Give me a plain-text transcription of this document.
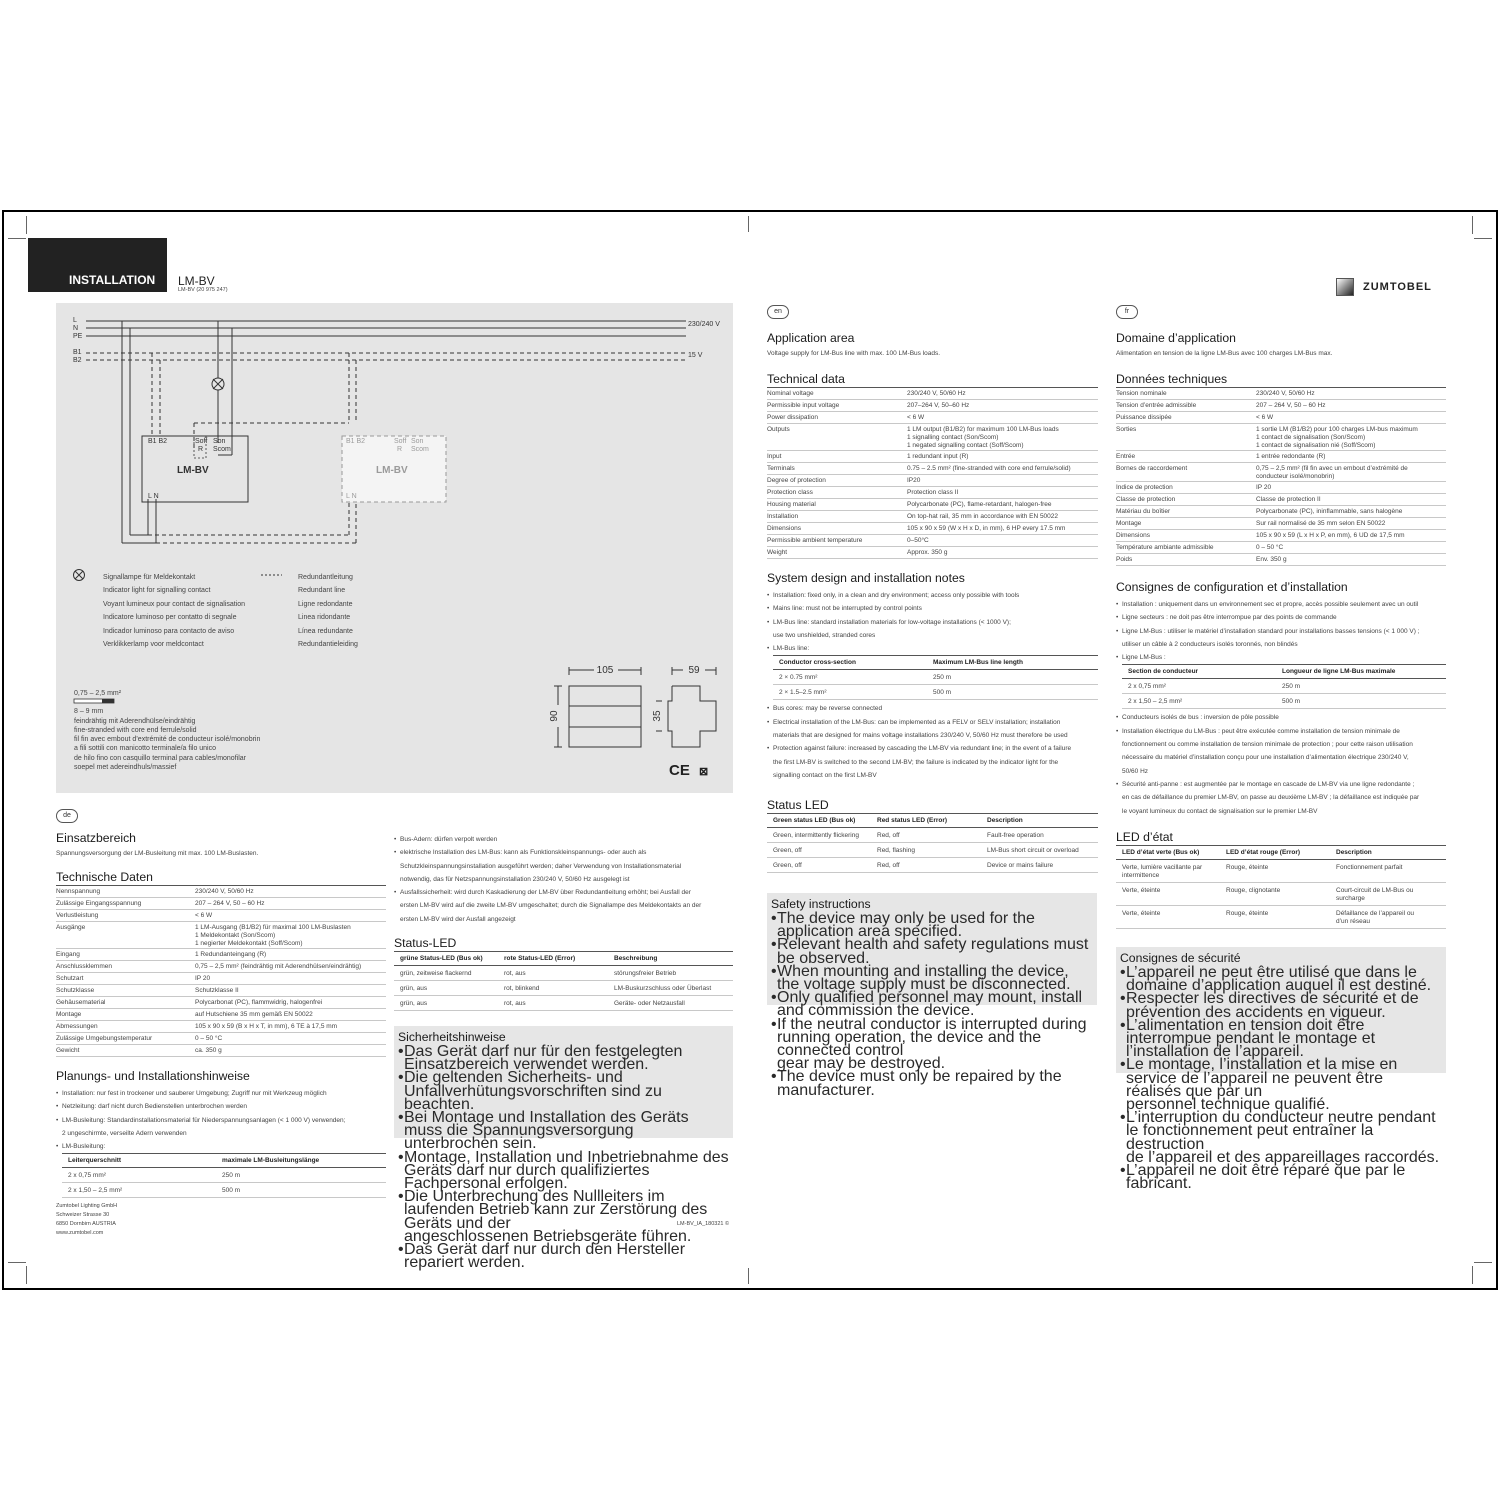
INSTALLATION	LM-BV
LM-BV (20 975 247)	ZUMTOBEL
105	59
90	35
B1 B2	Soff
R
Son
Scom
LM-BV
L N
B1 B2	Soff
R
Son
Scom
LM-BV
L N
L
N
PE
B1
B2
230/240 V
15 V
Signallampe für Meldekontakt
Indicator light for signalling contact
Voyant lumineux pour contact de signalisation
Indicatore luminoso per contatto di segnale
Indicador luminoso para contacto de aviso
Verklikkerlamp voor meldcontact
Redundantleitung
Redundant line
Ligne redondante
Linea ridondante
Línea redundante
Redundantieleiding
0,75 – 2,5 mm²
8 – 9 mm
feindrähtig mit Aderendhülse/eindrähtig
fine-stranded with core end ferrule/solid
fil fin avec embout d’extrémité de conducteur isolé/monobrin
a fili sottili con manicotto terminale/a filo unico
de hilo fino con casquillo terminal para cables/monofilar
soepel met adereindhuls/massief	CE ⊠
en	fr
de
Application area
Voltage supply for LM-Bus line with max. 100 LM-Bus loads.
Technical data
Nominal voltage	230/240 V, 50/60 Hz
Permissible input voltage	207–264 V, 50–60 Hz
Power dissipation	< 6 W
Outputs	1 LM output (B1/B2) for maximum 100 LM-Bus loads
1 signalling contact (Son/Scom)
1 negated signalling contact (Soff/Scom)
Input	1 redundant input (R)
Terminals	0.75 – 2.5 mm² (fine-stranded with core end ferrule/solid)
Degree of protection	IP20
Protection class	Protection class II
Housing material	Polycarbonate (PC), flame-retardant, halogen-free
Installation	On top-hat rail, 35 mm in accordance with EN 50022
Dimensions	105 x 90 x 59 (W x H x D, in mm), 6 HP every 17.5 mm
Permissible ambient temperature	0–50°C
Weight	Approx. 350 g
System design and installation notes
• Installation: fixed only, in a clean and dry environment; access only possible with tools
• Mains line: must not be interrupted by control points
• LM-Bus line: standard installation materials for low-voltage installations (< 1000 V);
use two unshielded, stranded cores
• LM-Bus line:
Conductor cross-section	Maximum LM-Bus line length
2 × 0.75 mm²	250 m
2 × 1.5–2.5 mm²	500 m
• Bus cores: may be reverse connected
• Electrical installation of the LM-Bus: can be implemented as a FELV or SELV installation; installation
materials that are designed for mains voltage installations 230/240 V, 50/60 Hz must therefore be used
• Protection against failure: increased by cascading the LM-BV via redundant line; in the event of a failure
the first LM-BV is switched to the second LM-BV; the failure is indicated by the indicator light for the
signalling contact on the first LM-BV
Status LED
Green status LED (Bus ok)	Red status LED (Error)	Description
Green, intermittently flickering	Red, off	Fault-free operation
Green, off	Red, flashing	LM-Bus short circuit or overload
Green, off	Red, off	Device or mains failure
Safety instructions
• The device may only be used for the application area specified.
• Relevant health and safety regulations must be observed.
• When mounting and installing the device, the voltage supply must be disconnected.
• Only qualified personnel may mount, install and commission the device.
• If the neutral conductor is interrupted during running operation, the device and the connected control
gear may be destroyed.
• The device must only be repaired by the manufacturer.
Domaine d’application
Alimentation en tension de la ligne LM-Bus avec 100 charges LM-Bus max.
Données techniques
Tension nominale	230/240 V, 50/60 Hz
Tension d’entrée admissible	207 – 264 V, 50 – 60 Hz
Puissance dissipée	< 6 W
Sorties	1 sortie LM (B1/B2) pour 100 charges LM-bus maximum
1 contact de signalisation (Son/Scom)
1 contact de signalisation nié (Soff/Scom)
Entrée	1 entrée redondante (R)
Bornes de raccordement	0,75 – 2,5 mm² (fil fin avec un embout d’extrémité de
conducteur isolé/monobrin)
Indice de protection	IP 20
Classe de protection	Classe de protection II
Matériau du boîtier	Polycarbonate (PC), ininflammable, sans halogène
Montage	Sur rail normalisé de 35 mm selon EN 50022
Dimensions	105 x 90 x 59 (L x H x P, en mm), 6 UD de 17,5 mm
Température ambiante admissible	0 – 50 °C
Poids	Env. 350 g
Consignes de configuration et d’installation
• Installation : uniquement dans un environnement sec et propre, accès possible seulement avec un outil
• Ligne secteurs : ne doit pas être interrompue par des points de commande
• Ligne LM-Bus : utiliser le matériel d’installation standard pour installations basses tensions (< 1 000 V) ;
utiliser un câble à 2 conducteurs isolés toronnés, non blindés
• Ligne LM-Bus :
Section de conducteur	Longueur de ligne LM-Bus maximale
2 x 0,75 mm²	250 m
2 x 1,50 – 2,5 mm²	500 m
• Conducteurs isolés de bus : inversion de pôle possible
• Installation électrique du LM-Bus : peut être exécutée comme installation de tension minimale de
fonctionnement ou comme installation de tension minimale de protection ; pour cette raison utilisation
nécessaire du matériel d’installation conçu pour une installation d’alimentation électrique 230/240 V,
50/60 Hz
• Sécurité anti-panne : est augmentée par le montage en cascade de LM-BV via une ligne redondante ;
en cas de défaillance du premier LM-BV, on passe au deuxième LM-BV ; la défaillance est indiquée par
le voyant lumineux du contact de signalisation sur le premier LM-BV
LED d’état
LED d’état verte (Bus ok)	LED d’état rouge (Error)	Description
Verte, lumière vacillante par
intermittence
Rouge, éteinte	Fonctionnement parfait
Verte, éteinte	Rouge, clignotante	Court-circuit de LM-Bus ou
surcharge
Verte, éteinte	Rouge, éteinte	Défaillance de l’appareil ou
d’un réseau
Consignes de sécurité
• L’appareil ne peut être utilisé que dans le domaine d’application auquel il est destiné.
• Respecter les directives de sécurité et de prévention des accidents en vigueur.
• L’alimentation en tension doit être interrompue pendant le montage et l’installation de l’appareil.
• Le montage, l’installation et la mise en service de l’appareil ne peuvent être réalisés que par un
personnel technique qualifié.
• L’interruption du conducteur neutre pendant le fonctionnement peut entraîner la destruction
de l’appareil et des appareillages raccordés.
• L’appareil ne doit être réparé que par le fabricant.
Einsatzbereich
Spannungsversorgung der LM-Busleitung mit max. 100 LM-Buslasten.
Technische Daten
Nennspannung	230/240 V, 50/60 Hz
Zulässige Eingangsspannung	207 – 264 V, 50 – 60 Hz
Verlustleistung	< 6 W
Ausgänge	1 LM-Ausgang (B1/B2) für maximal 100 LM-Buslasten
1 Meldekontakt (Son/Scom)
1 negierter Meldekontakt (Soff/Scom)
Eingang	1 Redundanteingang (R)
Anschlussklemmen	0,75 – 2,5 mm² (feindrähtig mit Aderendhülsen/eindrähtig)
Schutzart	IP 20
Schutzklasse	Schutzklasse II
Gehäusematerial	Polycarbonat (PC), flammwidrig, halogenfrei
Montage	auf Hutschiene 35 mm gemäß EN 50022
Abmessungen	105 x 90 x 59 (B x H x T, in mm), 6 TE à 17,5 mm
Zulässige Umgebungstemperatur	0 – 50 °C
Gewicht	ca. 350 g
Planungs- und Installationshinweise
• Installation: nur fest in trockener und sauberer Umgebung; Zugriff nur mit Werkzeug möglich
• Netzleitung: darf nicht durch Bedienstellen unterbrochen werden
• LM-Busleitung: Standardinstallationsmaterial für Niederspannungsanlagen (< 1 000 V) verwenden;
2 ungeschirmte, verseilte Adern verwenden
• LM-Busleitung:
Leiterquerschnitt	maximale LM-Busleitungslänge
2 x 0,75 mm²	250 m
2 x 1,50 – 2,5 mm²	500 m
• Bus-Adern: dürfen verpolt werden
• elektrische Installation des LM-Bus: kann als Funktionskleinspannungs- oder auch als
Schutzkleinspannungsinstallation ausgeführt werden; daher Verwendung von Installationsmaterial
notwendig, das für Netzspannungsinstallation 230/240 V, 50/60 Hz ausgelegt ist
• Ausfallssicherheit: wird durch Kaskadierung der LM-BV über Redundantleitung erhöht; bei Ausfall der
ersten LM-BV wird auf die zweite LM-BV umgeschaltet; durch die Signallampe des Meldekontakts an der
ersten LM-BV wird der Ausfall angezeigt
Status-LED
grüne Status-LED (Bus ok)	rote Status-LED (Error)	Beschreibung
grün, zeitweise flackernd	rot, aus	störungsfreier Betrieb
grün, aus	rot, blinkend	LM-Buskurzschluss oder Überlast
grün, aus	rot, aus	Geräte- oder Netzausfall
Sicherheitshinweise
• Das Gerät darf nur für den festgelegten Einsatzbereich verwendet werden.
• Die geltenden Sicherheits- und Unfallverhütungsvorschriften sind zu beachten.
• Bei Montage und Installation des Geräts muss die Spannungsversorgung unterbrochen sein.
• Montage, Installation und Inbetriebnahme des Geräts darf nur durch qualifiziertes Fachpersonal erfolgen.
• Die Unterbrechung des Nullleiters im laufenden Betrieb kann zur Zerstörung des Geräts und der
angeschlossenen Betriebsgeräte führen.
• Das Gerät darf nur durch den Hersteller repariert werden.
Zumtobel Lighting GmbH
Schweizer Strasse 30
6850 Dornbirn AUSTRIA
www.zumtobel.com
LM-BV_IA_180321 ©
